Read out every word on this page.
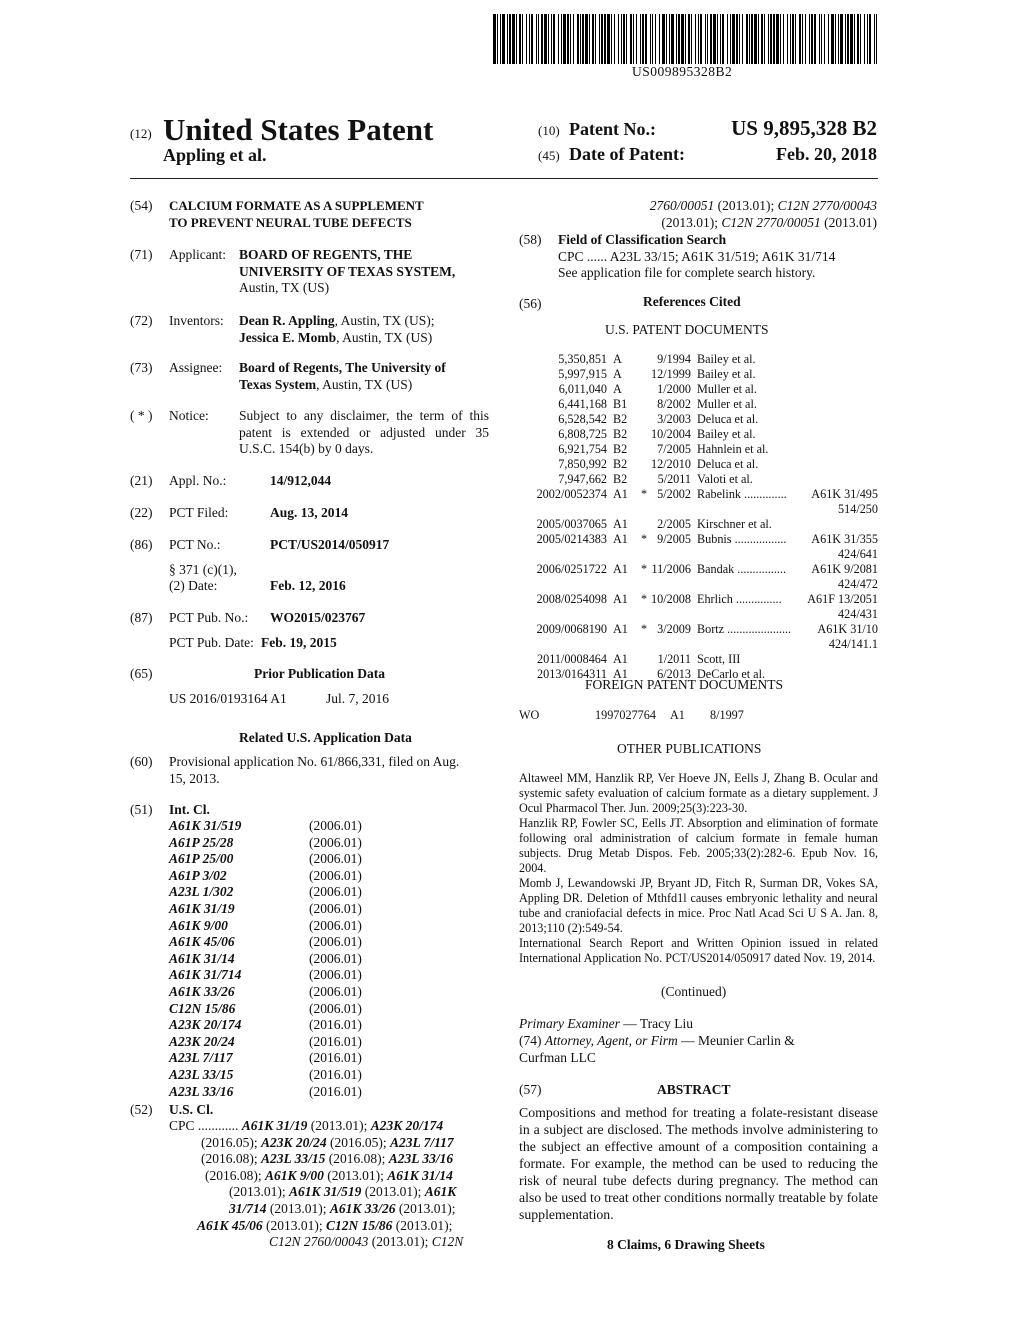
US009895328B2
(12) United States Patent
Appling et al.
(10) Patent No.:	US 9,895,328 B2
(45) Date of Patent:	Feb. 20, 2018
(54) CALCIUM FORMATE AS A SUPPLEMENT
TO PREVENT NEURAL TUBE DEFECTS
(71)	Applicant: BOARD OF REGENTS, THE
UNIVERSITY OF TEXAS SYSTEM,
Austin, TX (US)
(72)	Inventors: Dean R. Appling, Austin, TX (US);
Jessica E. Momb, Austin, TX (US)
(73)	Assignee: Board of Regents, The University of
Texas System, Austin, TX (US)
( * )	Notice: Subject to any disclaimer, the term of this patent is extended or adjusted under 35 U.S.C. 154(b) by 0 days.
(21)	Appl. No.:	14/912,044
(22)	PCT Filed:	Aug. 13, 2014
(86)	PCT No.:	PCT/US2014/050917
§ 371 (c)(1),
(2) Date:	Feb. 12, 2016
(87)	PCT Pub. No.: WO2015/023767
PCT Pub. Date: Feb. 19, 2015
(65)	Prior Publication Data
US 2016/0193164 A1	Jul. 7, 2016
Related U.S. Application Data
(60)	Provisional application No. 61/866,331, filed on Aug.
15, 2013.
(51)	Int. Cl.
A61K 31/519	(2006.01)
A61P 25/28	(2006.01)
A61P 25/00	(2006.01)
A61P 3/02	(2006.01)
A23L 1/302	(2006.01)
A61K 31/19	(2006.01)
A61K 9/00	(2006.01)
A61K 45/06	(2006.01)
A61K 31/14	(2006.01)
A61K 31/714	(2006.01)
A61K 33/26	(2006.01)
C12N 15/86	(2006.01)
A23K 20/174	(2016.01)
A23K 20/24	(2016.01)
A23L 7/117	(2016.01)
A23L 33/15	(2016.01)
A23L 33/16	(2016.01)
(52)	U.S. Cl.
CPC ............ A61K 31/19 (2013.01); A23K 20/174
(2016.05); A23K 20/24 (2016.05); A23L 7/117
(2016.08); A23L 33/15 (2016.08); A23L 33/16
(2016.08); A61K 9/00 (2013.01); A61K 31/14
(2013.01); A61K 31/519 (2013.01); A61K
31/714 (2013.01); A61K 33/26 (2013.01);
A61K 45/06 (2013.01); C12N 15/86 (2013.01);
C12N 2760/00043 (2013.01); C12N
2760/00051 (2013.01); C12N 2770/00043
(2013.01); C12N 2770/00051 (2013.01)
(58) Field of Classification Search
CPC ...... A23L 33/15; A61K 31/519; A61K 31/714
See application file for complete search history.
(56)	References Cited
U.S. PATENT DOCUMENTS
5,350,851	A		9/1994	Bailey et al.	
5,997,915	A		12/1999	Bailey et al.	
6,011,040	A		1/2000	Muller et al.	
6,441,168	B1		8/2002	Muller et al.	
6,528,542	B2		3/2003	Deluca et al.	
6,808,725	B2		10/2004	Bailey et al.	
6,921,754	B2		7/2005	Hahnlein et al.	
7,850,992	B2		12/2010	Deluca et al.	
7,947,662	B2		5/2011	Valoti et al.	
2002/0052374	A1	*	5/2002	Rabelink ..............	A61K 31/495
514/250					
2005/0037065	A1		2/2005	Kirschner et al.	
2005/0214383	A1	*	9/2005	Bubnis .................	A61K 31/355
424/641					
2006/0251722	A1	*	11/2006	Bandak ................	A61K 9/2081
424/472					
2008/0254098	A1	*	10/2008	Ehrlich ...............	A61F 13/2051
424/431					
2009/0068190	A1	*	3/2009	Bortz .....................	A61K 31/10
424/141.1					
2011/0008464	A1		1/2011	Scott, III	
2013/0164311	A1		6/2013	DeCarlo et al.	
FOREIGN PATENT DOCUMENTS
WO	1997027764 A1 8/1997
OTHER PUBLICATIONS
Altaweel MM, Hanzlik RP, Ver Hoeve JN, Eells J, Zhang B. Ocular and systemic safety evaluation of calcium formate as a dietary supplement. J Ocul Pharmacol Ther. Jun. 2009;25(3):223-30.
Hanzlik RP, Fowler SC, Eells JT. Absorption and elimination of formate following oral administration of calcium formate in female human subjects. Drug Metab Dispos. Feb. 2005;33(2):282-6. Epub Nov. 16, 2004.
Momb J, Lewandowski JP, Bryant JD, Fitch R, Surman DR, Vokes SA, Appling DR. Deletion of Mthfd1l causes embryonic lethality and neural tube and craniofacial defects in mice. Proc Natl Acad Sci U S A. Jan. 8, 2013;110 (2):549-54.
International Search Report and Written Opinion issued in related International Application No. PCT/US2014/050917 dated Nov. 19, 2014.
(Continued)
Primary Examiner — Tracy Liu
(74) Attorney, Agent, or Firm — Meunier Carlin &
Curfman LLC
(57)	ABSTRACT
Compositions and method for treating a folate-resistant disease in a subject are disclosed. The methods involve administering to the subject an effective amount of a composition containing a formate. For example, the method can be used to reducing the risk of neural tube defects during pregnancy. The method can also be used to treat other conditions normally treatable by folate supplementation.
8 Claims, 6 Drawing Sheets
